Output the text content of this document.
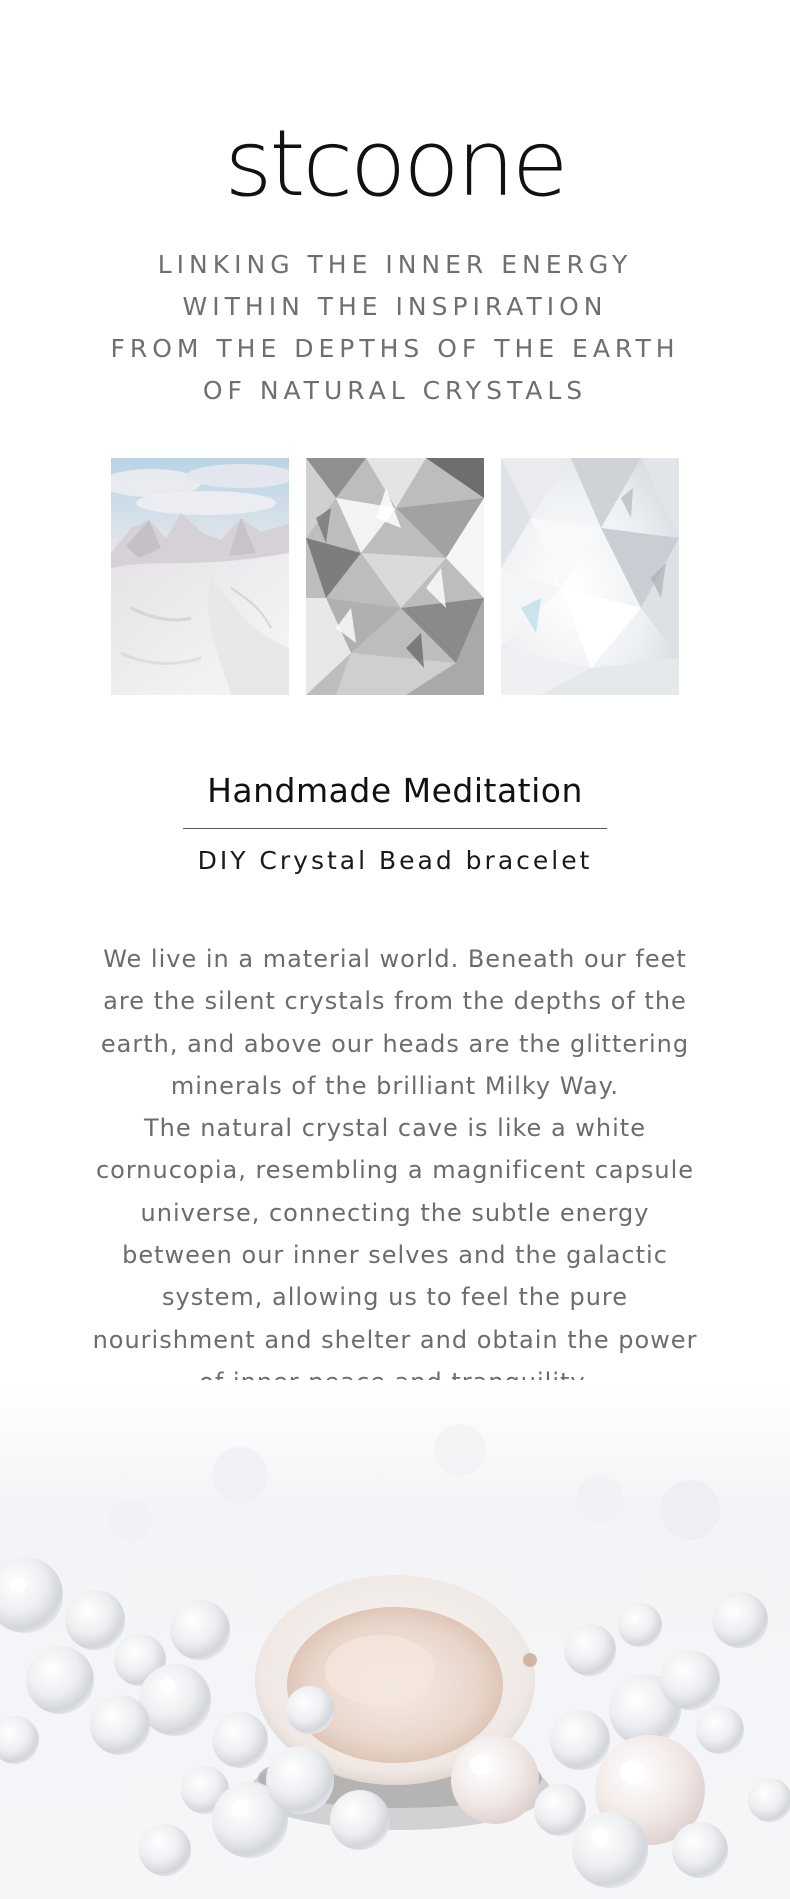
stcoone
LINKING THE INNER ENERGY
WITHIN THE INSPIRATION
FROM THE DEPTHS OF THE EARTH
OF NATURAL CRYSTALS
Handmade Meditation
DIY Crystal Bead bracelet
We live in a material world. Beneath our feet
are the silent crystals from the depths of the
earth, and above our heads are the glittering
minerals of the brilliant Milky Way.
The natural crystal cave is like a white
cornucopia, resembling a magnificent capsule
universe, connecting the subtle energy
between our inner selves and the galactic
system, allowing us to feel the pure
nourishment and shelter and obtain the power
